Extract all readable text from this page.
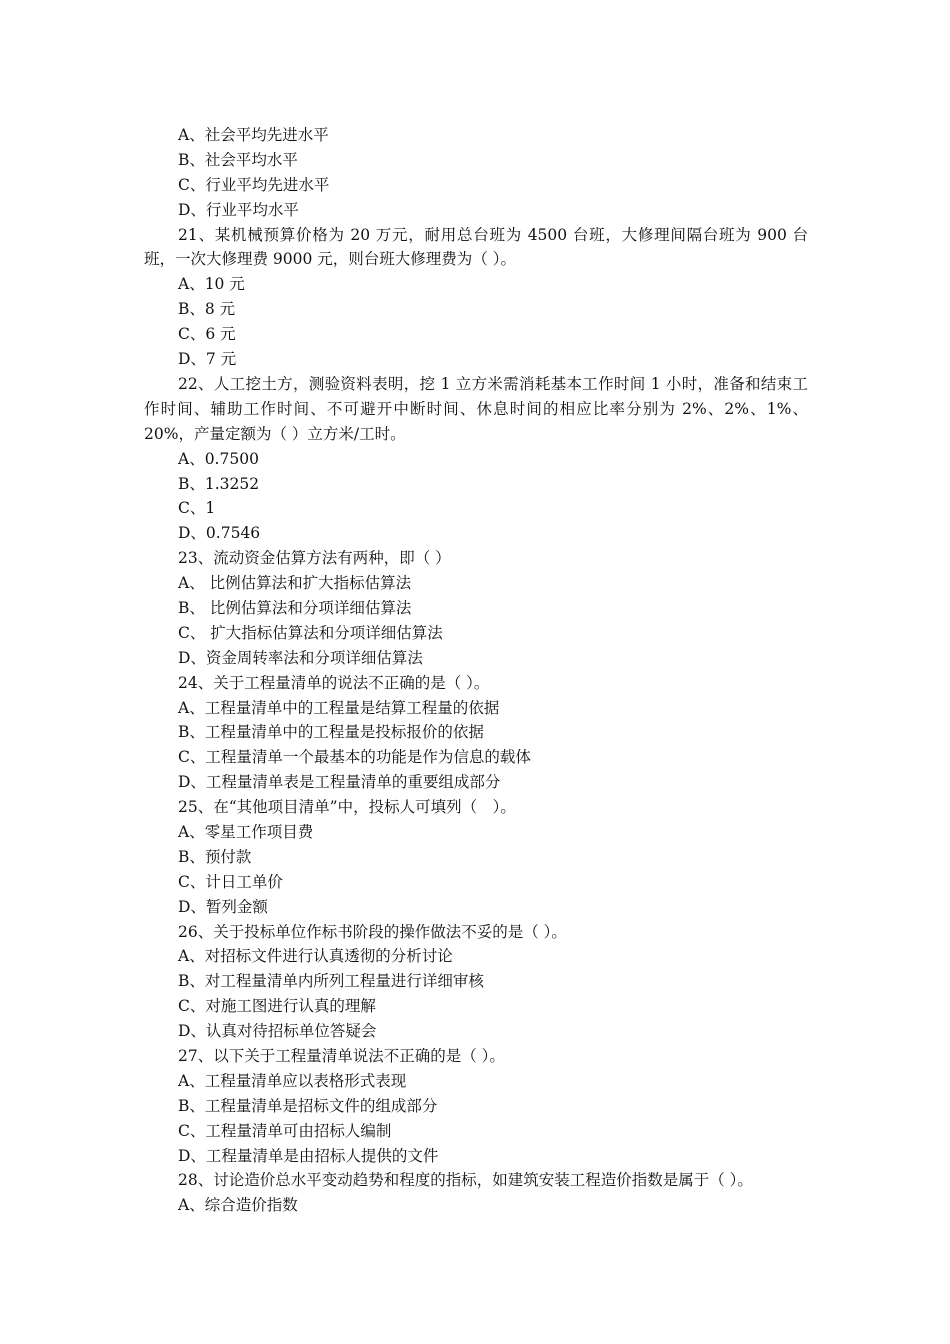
A、社会平均先进水平
B、社会平均水平
C、行业平均先进水平
D、行业平均水平
21、某机械预算价格为 20 万元，耐用总台班为 4500 台班，大修理间隔台班为 900 台班，一次大修理费 9000 元，则台班大修理费为（ ）。
A、10 元
B、8 元
C、6 元
D、7 元
22、人工挖土方，测验资料表明，挖 1 立方米需消耗基本工作时间 1 小时，准备和结束工作时间、辅助工作时间、不可避开中断时间、休息时间的相应比率分别为 2%、2%、1%、20%，产量定额为（ ）立方米/工时。
A、0.7500
B、1.3252
C、1
D、0.7546
23、流动资金估算方法有两种，即（ ）
A、 比例估算法和扩大指标估算法
B、 比例估算法和分项详细估算法
C、 扩大指标估算法和分项详细估算法
D、资金周转率法和分项详细估算法
24、关于工程量清单的说法不正确的是（ ）。
A、工程量清单中的工程量是结算工程量的依据
B、工程量清单中的工程量是投标报价的依据
C、工程量清单一个最基本的功能是作为信息的载体
D、工程量清单表是工程量清单的重要组成部分
25、在“其他项目清单”中，投标人可填列（　）。
A、零星工作项目费
B、预付款
C、计日工单价
D、暂列金额
26、关于投标单位作标书阶段的操作做法不妥的是（ ）。
A、对招标文件进行认真透彻的分析讨论
B、对工程量清单内所列工程量进行详细审核
C、对施工图进行认真的理解
D、认真对待招标单位答疑会
27、以下关于工程量清单说法不正确的是（ ）。
A、工程量清单应以表格形式表现
B、工程量清单是招标文件的组成部分
C、工程量清单可由招标人编制
D、工程量清单是由招标人提供的文件
28、讨论造价总水平变动趋势和程度的指标，如建筑安装工程造价指数是属于（ ）。
A、综合造价指数
